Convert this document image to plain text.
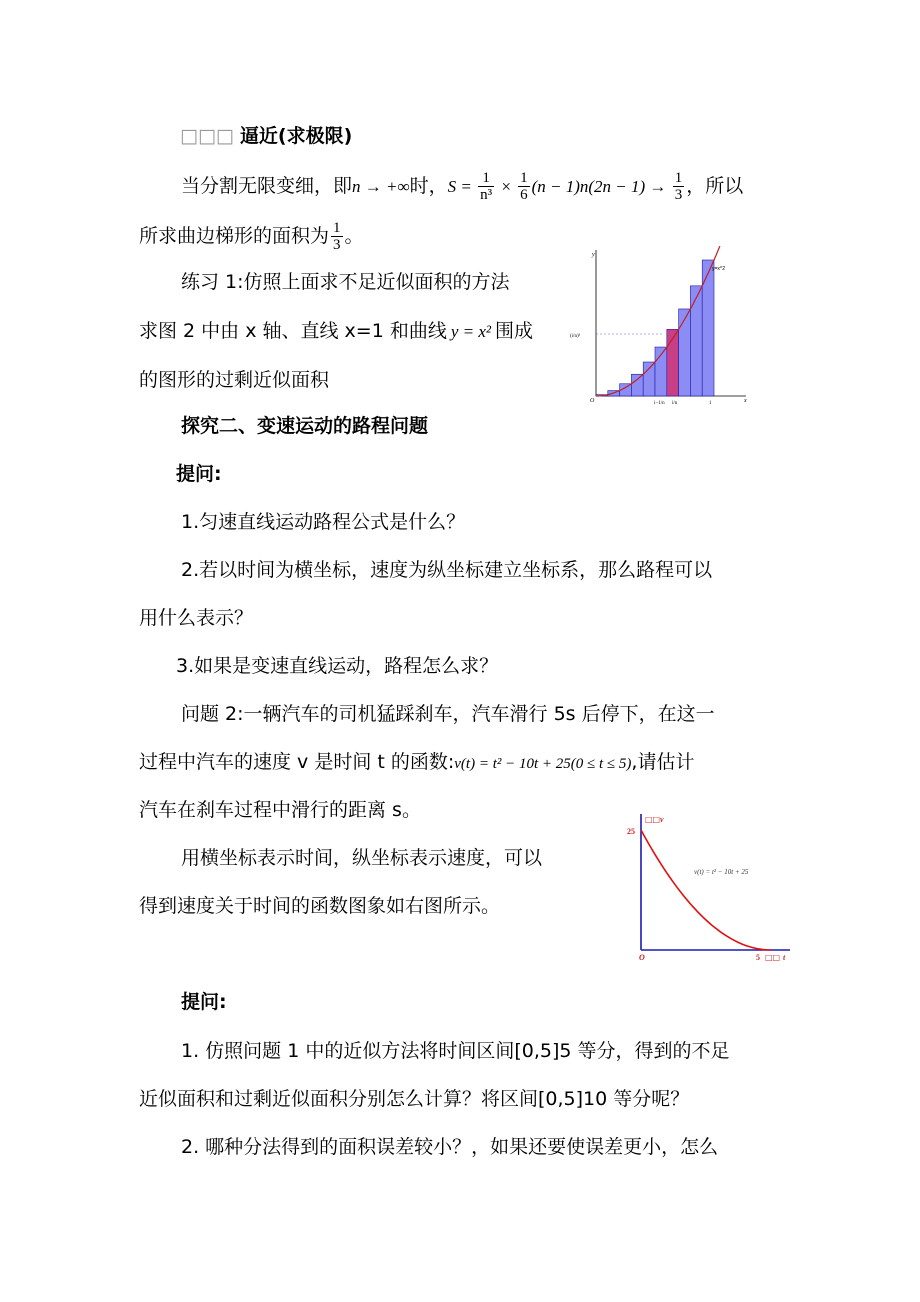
□□□ 逼近(求极限)
当分割无限变细，即n → +∞时，$S = \frac{1}{\text{n³}} \times \frac{1}{6} (n - 1)n(2n - 1) \to \frac{1}{3}$ ，所以
所求曲边梯形的面积为 $\frac{1}{3}$ 。
练习 1:仿照上面求不足近似面积的方法
求图 2 中由 x 轴、直线 x=1 和曲线 y = x² 围成
的图形的过剩近似面积
y
x
O
y=x^2
(i/n)²
i−1/n i/n	1
探究二、变速运动的路程问题
提问:
1.匀速直线运动路程公式是什么？
2.若以时间为横坐标，速度为纵坐标建立坐标系，那么路程可以
用什么表示？
3.如果是变速直线运动，路程怎么求？
问题 2:一辆汽车的司机猛踩刹车，汽车滑行 5s 后停下，在这一
过程中汽车的速度 v 是时间 t 的函数:v(t) = t² − 10t + 25(0 ≤ t ≤ 5),请估计
汽车在刹车过程中滑行的距离 s。
用横坐标表示时间，纵坐标表示速度，可以
得到速度关于时间的函数图象如右图所示。
□□ v
□□ t
25
5
O
v(t) = t² − 10t + 25
提问:
1. 仿照问题 1 中的近似方法将时间区间[0,5]5 等分，得到的不足
近似面积和过剩近似面积分别怎么计算？将区间[0,5]10 等分呢？
2. 哪种分法得到的面积误差较小？，如果还要使误差更小，怎么
